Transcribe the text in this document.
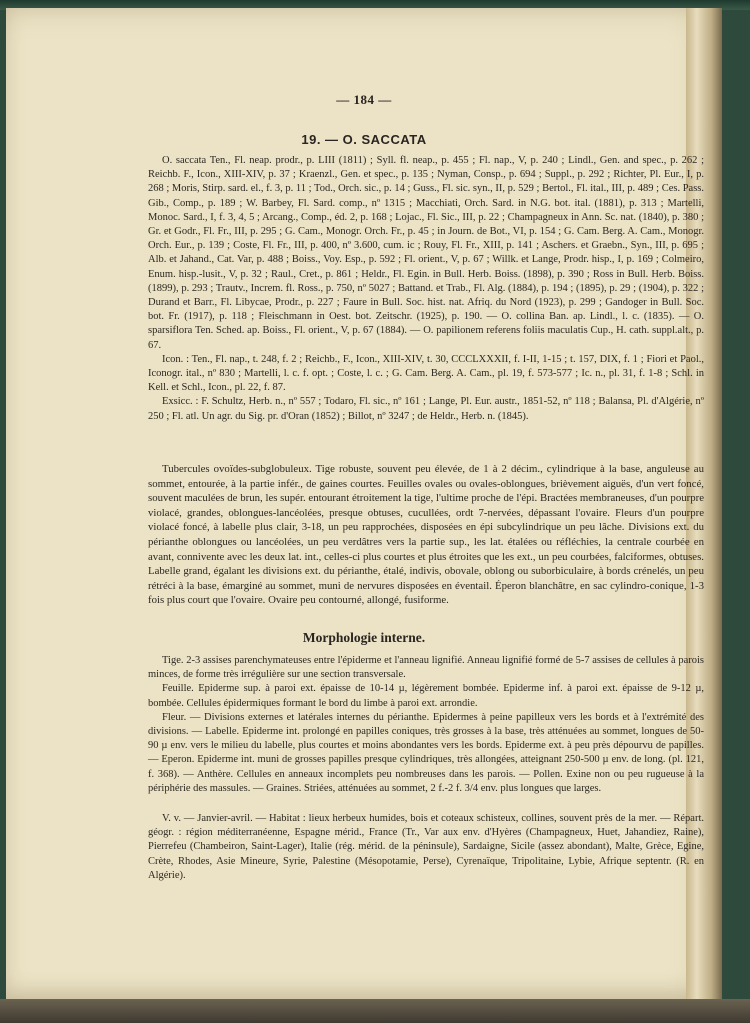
— 184 —
19. — O. SACCATA

O. saccata Ten., Fl. neap. prodr., p. LIII (1811) ; Syll. fl. neap., p. 455 ; Fl. nap., V, p. 240 ; Lindl., Gen. and spec., p. 262 ; Reichb. F., Icon., XIII-XIV, p. 37 ; Kraenzl., Gen. et spec., p. 135 ; Nyman, Consp., p. 694 ; Suppl., p. 292 ; Richter, Pl. Eur., I, p. 268 ; Moris, Stirp. sard. el., f. 3, p. 11 ; Tod., Orch. sic., p. 14 ; Guss., Fl. sic. syn., II, p. 529 ; Bertol., Fl. ital., III, p. 489 ; Ces. Pass. Gib., Comp., p. 189 ; W. Barbey, Fl. Sard. comp., nº 1315 ; Macchiati, Orch. Sard. in N.G. bot. ital. (1881), p. 313 ; Martelli, Monoc. Sard., I, f. 3, 4, 5 ; Arcang., Comp., éd. 2, p. 168 ; Lojac., Fl. Sic., III, p. 22 ; Champagneux in Ann. Sc. nat. (1840), p. 380 ; Gr. et Godr., Fl. Fr., III, p. 295 ; G. Cam., Monogr. Orch. Fr., p. 45 ; in Journ. de Bot., VI, p. 154 ; G. Cam. Berg. A. Cam., Monogr. Orch. Eur., p. 139 ; Coste, Fl. Fr., III, p. 400, nº 3.600, cum. ic ; Rouy, Fl. Fr., XIII, p. 141 ; Aschers. et Graebn., Syn., III, p. 695 ; Alb. et Jahand., Cat. Var, p. 488 ; Boiss., Voy. Esp., p. 592 ; Fl. orient., V, p. 67 ; Willk. et Lange, Prodr. hisp., I, p. 169 ; Colmeiro, Enum. hisp.-lusit., V, p. 32 ; Raul., Cret., p. 861 ; Heldr., Fl. Egin. in Bull. Herb. Boiss. (1898), p. 390 ; Ross in Bull. Herb. Boiss. (1899), p. 293 ; Trautv., Increm. fl. Ross., p. 750, nº 5027 ; Battand. et Trab., Fl. Alg. (1884), p. 194 ; (1895), p. 29 ; (1904), p. 322 ; Durand et Barr., Fl. Libycae, Prodr., p. 227 ; Faure in Bull. Soc. hist. nat. Afriq. du Nord (1923), p. 299 ; Gandoger in Bull. Soc. bot. Fr. (1917), p. 118 ; Fleischmann in Oest. bot. Zeitschr. (1925), p. 190. — O. collina Ban. ap. Lindl., l. c. (1835). — O. sparsiflora Ten. Sched. ap. Boiss., Fl. orient., V, p. 67 (1884). — O. papilionem referens foliis maculatis Cup., H. cath. suppl.alt., p. 67.

Icon. : Ten., Fl. nap., t. 248, f. 2 ; Reichb., F., Icon., XIII-XIV, t. 30, CCCLXXXII, f. I-II, 1-15 ; t. 157, DIX, f. 1 ; Fiori et Paol., Iconogr. ital., nº 830 ; Martelli, l. c. f. opt. ; Coste, l. c. ; G. Cam. Berg. A. Cam., pl. 19, f. 573-577 ; Ic. n., pl. 31, f. 1-8 ; Schl. in Kell. et Schl., Icon., pl. 22, f. 87.

Exsicc. : F. Schultz, Herb. n., nº 557 ; Todaro, Fl. sic., nº 161 ; Lange, Pl. Eur. austr., 1851-52, nº 118 ; Balansa, Pl. d'Algérie, nº 250 ; Fl. atl. Un agr. du Sig. pr. d'Oran (1852) ; Billot, nº 3247 ; de Heldr., Herb. n. (1845).

Tubercules ovoïdes-subglobuleux. Tige robuste, souvent peu élevée, de 1 à 2 décim., cylindrique à la base, anguleuse au sommet, entourée, à la partie infér., de gaines courtes. Feuilles ovales ou ovales-oblongues, brièvement aiguës, d'un vert foncé, souvent maculées de brun, les supér. entourant étroitement la tige, l'ultime proche de l'épi. Bractées membraneuses, d'un pourpre violacé, grandes, oblongues-lancéolées, presque obtuses, cucullées, ordt 7-nervées, dépassant l'ovaire. Fleurs d'un pourpre violacé foncé, à labelle plus clair, 3-18, un peu rapprochées, disposées en épi subcylindrique un peu lâche. Divisions ext. du périanthe oblongues ou lancéolées, un peu verdâtres vers la partie sup., les lat. étalées ou réfléchies, la centrale courbée en avant, connivente avec les deux lat. int., celles-ci plus courtes et plus étroites que les ext., un peu courbées, falciformes, obtuses. Labelle grand, égalant les divisions ext. du périanthe, étalé, indivis, obovale, oblong ou suborbiculaire, à bords crénelés, un peu rétréci à la base, émarginé au sommet, muni de nervures disposées en éventail. Éperon blanchâtre, en sac cylindro-conique, 1-3 fois plus court que l'ovaire. Ovaire peu contourné, allongé, fusiforme.

Morphologie interne.

Tige. 2-3 assises parenchymateuses entre l'épiderme et l'anneau lignifié. Anneau lignifié formé de 5-7 assises de cellules à parois minces, de forme très irrégulière sur une section transversale.

Feuille. Epiderme sup. à paroi ext. épaisse de 10-14 µ, légèrement bombée. Epiderme inf. à paroi ext. épaisse de 9-12 µ, bombée. Cellules épidermiques formant le bord du limbe à paroi ext. arrondie.

Fleur. — Divisions externes et latérales internes du périanthe. Epidermes à peine papilleux vers les bords et à l'extrémité des divisions. — Labelle. Epiderme int. prolongé en papilles coniques, très grosses à la base, très atténuées au sommet, longues de 50-90 µ env. vers le milieu du labelle, plus courtes et moins abondantes vers les bords. Epiderme ext. à peu près dépourvu de papilles. — Eperon. Epiderme int. muni de grosses papilles presque cylindriques, très allongées, atteignant 250-500 µ env. de long. (pl. 121, f. 368). — Anthère. Cellules en anneaux incomplets peu nombreuses dans les parois. — Pollen. Exine non ou peu rugueuse à la périphérie des massules. — Graines. Striées, atténuées au sommet, 2 f.-2 f. 3/4 env. plus longues que larges.

V. v. — Janvier-avril. — Habitat : lieux herbeux humides, bois et coteaux schisteux, collines, souvent près de la mer. — Répart. géogr. : région méditerranéenne, Espagne mérid., France (Tr., Var aux env. d'Hyères (Champagneux, Huet, Jahandiez, Raine), Pierrefeu (Chambeiron, Saint-Lager), Italie (rég. mérid. de la péninsule), Sardaigne, Sicile (assez abondant), Malte, Grèce, Egine, Crète, Rhodes, Asie Mineure, Syrie, Palestine (Mésopotamie, Perse), Cyrenaïque, Tripolitaine, Lybie, Afrique septentr. (R. en Algérie).
